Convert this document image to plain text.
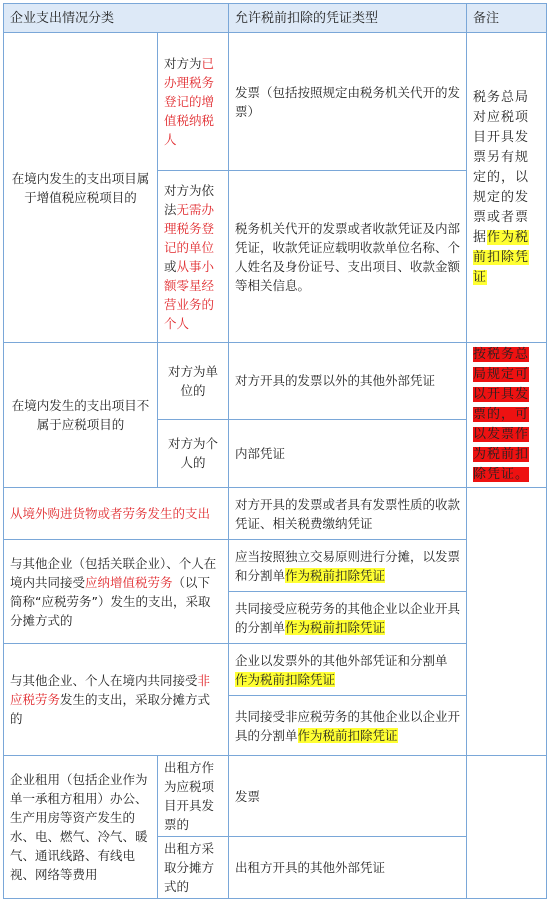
企业支出情况分类		允许税前扣除的凭证类型	备注
在境内发生的支出项目属于增值税应税项目的	对方为已办理税务登记的增值税纳税人	发票（包括按照规定由税务机关代开的发票）	税务总局对应税项目开具发票另有规定的，以规定的发票或者票据作为税前扣除凭证

	对方为依法无需办理税务登记的单位或从事小额零星经营业务的个人	税务机关代开的发票或者收款凭证及内部凭证，收款凭证应载明收款单位名称、个人姓名及身份证号、支出项目、收款金额等相关信息。	
在境内发生的支出项目不属于应税项目的	对方为单位的	对方开具的发票以外的其他外部凭证	按税务总局规定可以开具发票的，可以发票作为税前扣除凭证。

	对方为个人的	内部凭证	
从境外购进货物或者劳务发生的支出		对方开具的发票或者具有发票性质的收款凭证、相关税费缴纳凭证	
与其他企业（包括关联企业）、个人在境内共同接受应纳增值税劳务（以下简称“应税劳务”）发生的支出，采取分摊方式的		应当按照独立交易原则进行分摊，以发票和分割单作为税前扣除凭证	
		共同接受应税劳务的其他企业以企业开具的分割单作为税前扣除凭证	
与其他企业、个人在境内共同接受非应税劳务发生的支出，采取分摊方式的		企业以发票外的其他外部凭证和分割单作为税前扣除凭证	
		共同接受非应税劳务的其他企业以企业开具的分割单作为税前扣除凭证	
企业租用（包括企业作为单一承租方租用）办公、生产用房等资产发生的水、电、燃气、冷气、暖气、通讯线路、有线电视、网络等费用	出租方作为应税项目开具发票的	发票	
	出租方采取分摊方式的	出租方开具的其他外部凭证	
